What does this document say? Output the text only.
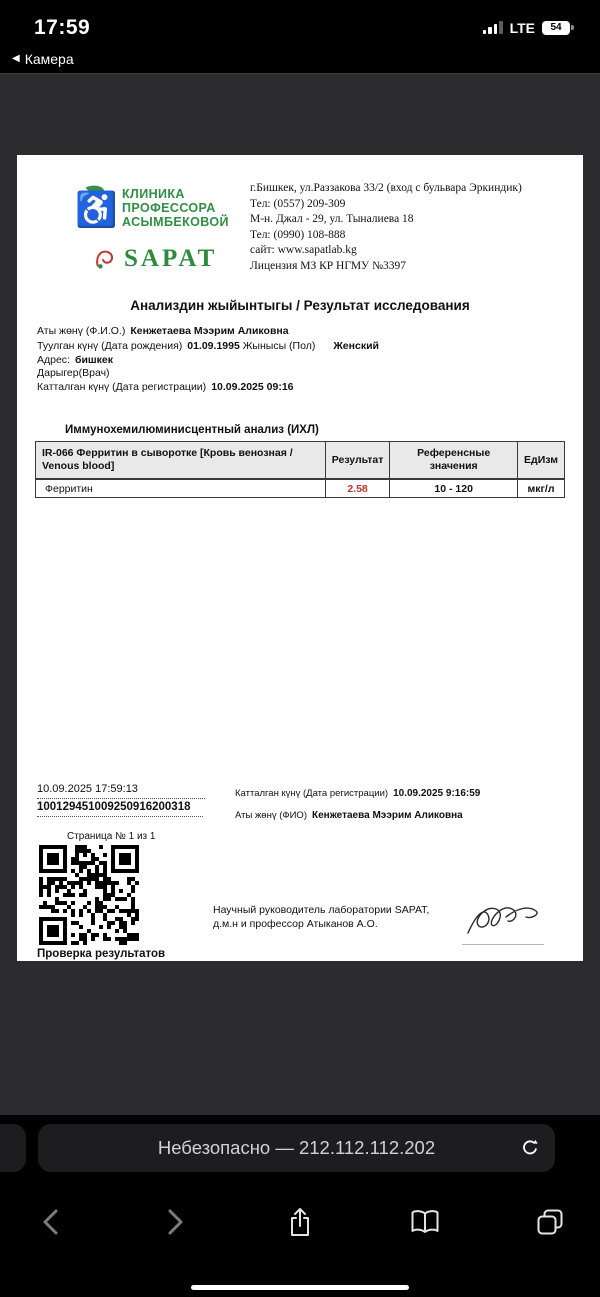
17:59	LTE 54
◀ Камера
♿ КЛИНИКА
ПРОФЕССОРА
АСЫМБЕКОВОЙ
SAPAT
г.Бишкек, ул.Раззакова 33/2 (вход с бульвара Эркиндик)
Тел: (0557) 209-309
М-н. Джал - 29, ул. Тыналиева 18
Тел: (0990) 108-888
сайт: www.sapatlab.kg
Лицензия МЗ КР НГМУ №3397
Анализдин жыйынтыгы / Результат исследования
Аты жөнү (Ф.И.О.) Кенжетаева Мээрим Аликовна
Туулган күнү (Дата рождения) 01.09.1995 Жынысы (Пол) Женский
Адрес: бишкек
Дарыгер(Врач)
Катталган күнү (Дата регистрации) 10.09.2025 09:16
Иммунохемилюминисцентный анализ (ИХЛ)
IR-066 Ферритин в сыворотке [Кровь венозная / Venous blood]	Результат	Референсные значения	ЕдИзм
Ферритин	2.58	10 - 120	мкг/л
10.09.2025 17:59:13
100129451009250916200318
Страница № 1 из 1
Проверка результатов
Катталган күнү (Дата регистрации) 10.09.2025 9:16:59
Аты жөнү (ФИО) Кенжетаева Мээрим Аликовна
Научный руководитель лаборатории SAPAT,
д.м.н и профессор Атыканов А.О.
Небезопасно — 212.112.112.202
